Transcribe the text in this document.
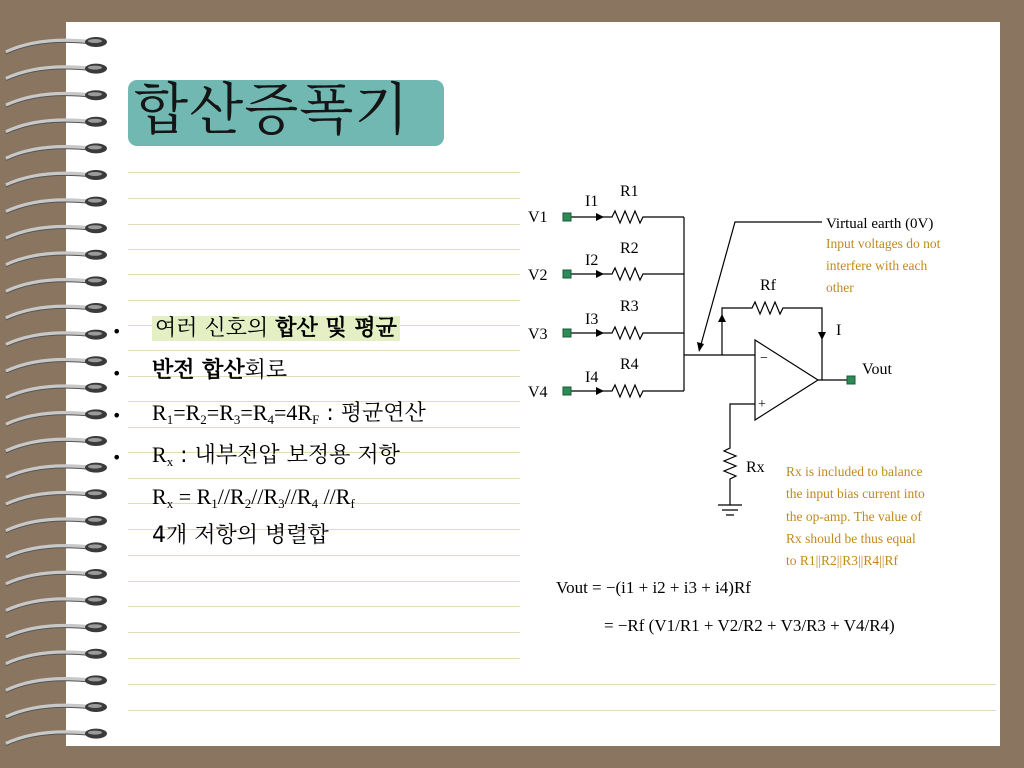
합산증폭기
• 여러 신호의 합산 및 평균
• 반전 합산회로
• $R_1=R_2=R_3=R_4=4R_F$ : 평균연산
• $R_x$ : 내부전압 보정용 저항
$R_x = R_1//R_2//R_3//R_4$ $//R_f$
4개 저항의 병렬합
V1
V2
V3
V4
I1
I2
I3
I4
R1
R2
R3
R4
Rf
Rx
Vout
I
Virtual earth (0V)
−
+
Input voltages do not
interfere with each
other
Rx is included to balance
the input bias current into
the op-amp. The value of
Rx should be thus equal
to R1||R2||R3||R4||Rf
Vout = −(i1 + i2 + i3 + i4)Rf
= −Rf (V1/R1 + V2/R2 + V3/R3 + V4/R4)
